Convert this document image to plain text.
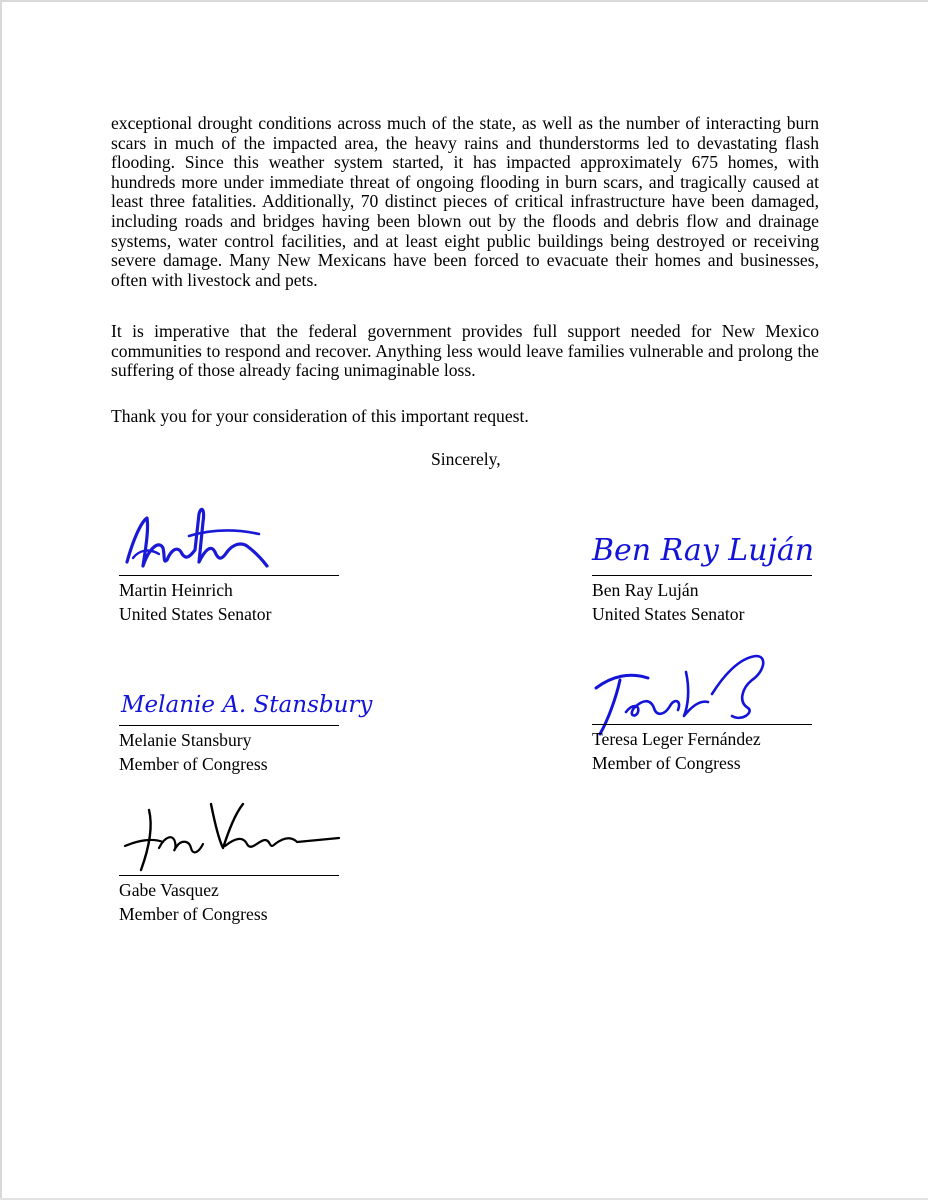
exceptional drought conditions across much of the state, as well as the number of interacting burn scars in much of the impacted area, the heavy rains and thunderstorms led to devastating flash flooding. Since this weather system started, it has impacted approximately 675 homes, with hundreds more under immediate threat of ongoing flooding in burn scars, and tragically caused at least three fatalities. Additionally, 70 distinct pieces of critical infrastructure have been damaged, including roads and bridges having been blown out by the floods and debris flow and drainage systems, water control facilities, and at least eight public buildings being destroyed or receiving severe damage. Many New Mexicans have been forced to evacuate their homes and businesses, often with livestock and pets.

It is imperative that the federal government provides full support needed for New Mexico communities to respond and recover. Anything less would leave families vulnerable and prolong the suffering of those already facing unimaginable loss.

Thank you for your consideration of this important request.

Sincerely,

Martin Heinrich
United States Senator
Ben Ray Luján
Ben Ray Luján
United States Senator
Melanie A. Stansbury
Melanie Stansbury
Member of Congress
Teresa Leger Fernández
Member of Congress
Gabe Vasquez
Member of Congress
